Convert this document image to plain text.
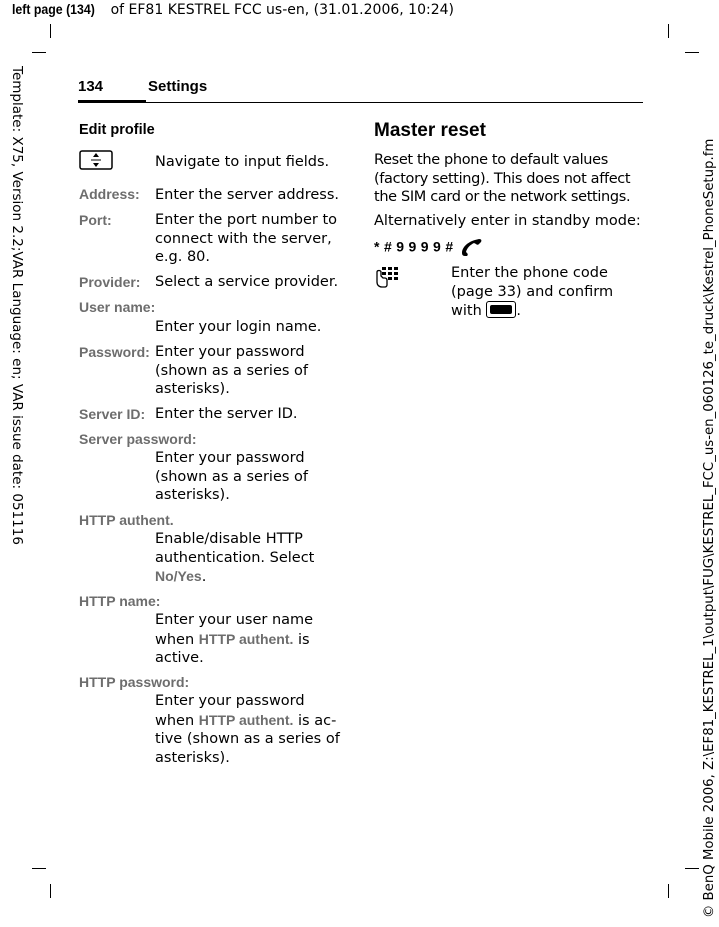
left page (134) of EF81 KESTREL FCC us-en, (31.01.2006, 10:24)
Template: X75, Version 2.2;VAR Language: en; VAR issue date: 051116	© BenQ Mobile 2006, Z:\EF81_KESTREL_1\output\FUG\KESTREL_FCC_us-en_060126_te_druck\Kestrel_PhoneSetup.fm
134	Settings
Edit profile
Navigate to input fields.
Address: Enter the server address.
Port:	Enter the port number to connect with the server, e.g. 80.
Provider: Select a service provider.
User name:
Enter your login name.
Password: Enter your password (shown as a series of asterisks).
Server ID: Enter the server ID.
Server password:
Enter your password (shown as a series of asterisks).
HTTP authent.
Enable/disable HTTP authentication. Select No/Yes.
HTTP name:
Enter your user name when HTTP authent. is active.
HTTP password:
Enter your password when HTTP authent. is ac-tive (shown as a series of asterisks).
Master reset
Reset the phone to default values (factory setting). This does not affect the SIM card or the network settings.
Alternatively enter in standby mode:
* # 9 9 9 9 #
Enter the phone code (page 33) and confirm with .
